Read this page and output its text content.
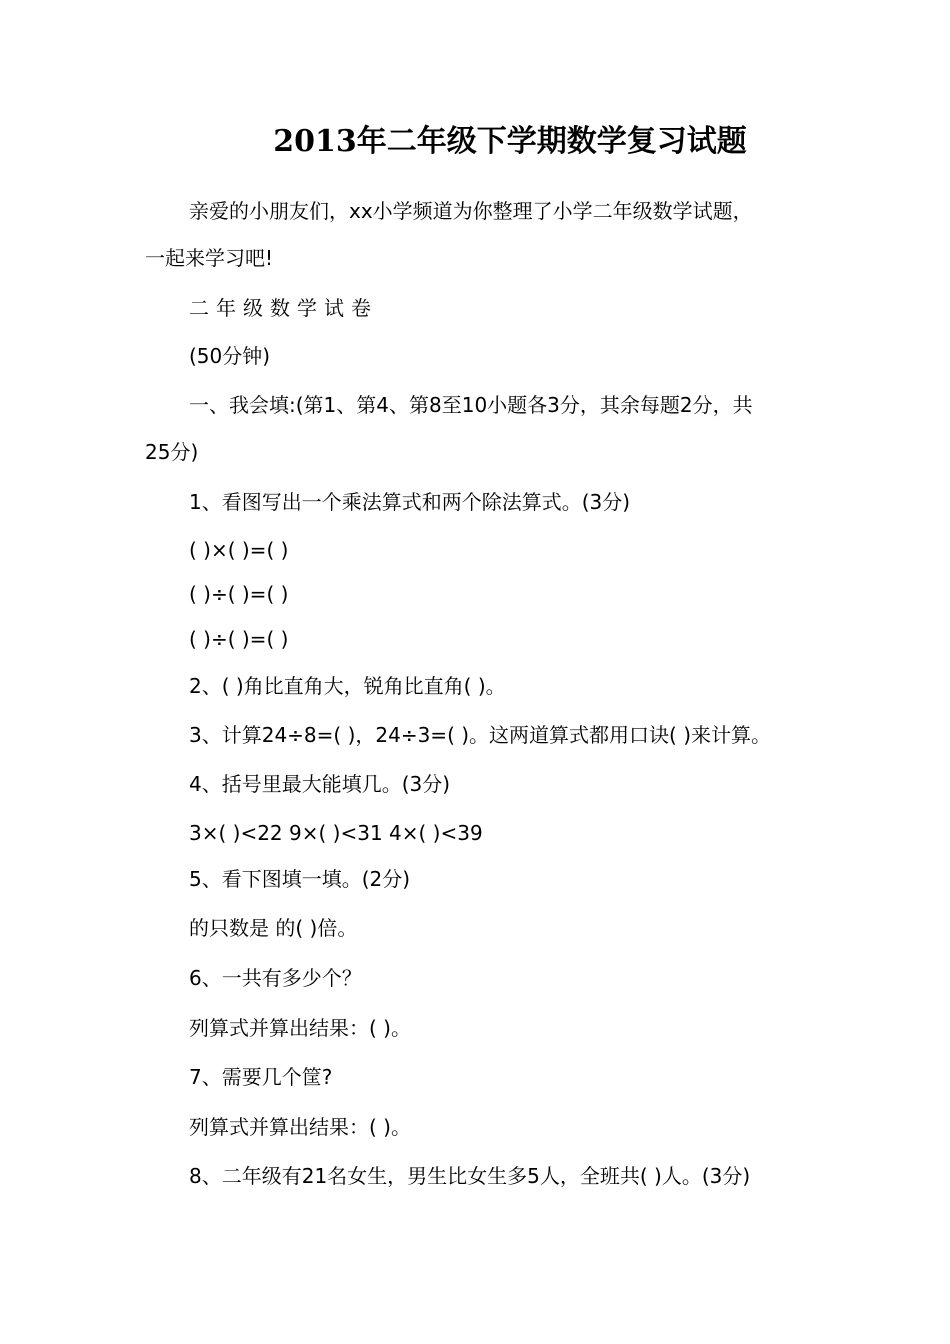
2013年二年级下学期数学复习试题
亲爱的小朋友们，xx小学频道为你整理了小学二年级数学试题，
一起来学习吧!
二年级数学试卷
(50分钟)
一、我会填:(第1、第4、第8至10小题各3分，其余每题2分，共
25分)
1、看图写出一个乘法算式和两个除法算式。(3分)
( )×( )=( )
( )÷( )=( )
( )÷( )=( )
2、( )角比直角大，锐角比直角( )。
3、计算24÷8=( )，24÷3=( )。这两道算式都用口诀( )来计算。
4、括号里最大能填几。(3分)
3×( )<22 9×( )<31 4×( )<39
5、看下图填一填。(2分)
的只数是 的( )倍。
6、一共有多少个？
列算式并算出结果：( )。
7、需要几个筐?
列算式并算出结果：( )。
8、二年级有21名女生，男生比女生多5人，全班共( )人。(3分)
